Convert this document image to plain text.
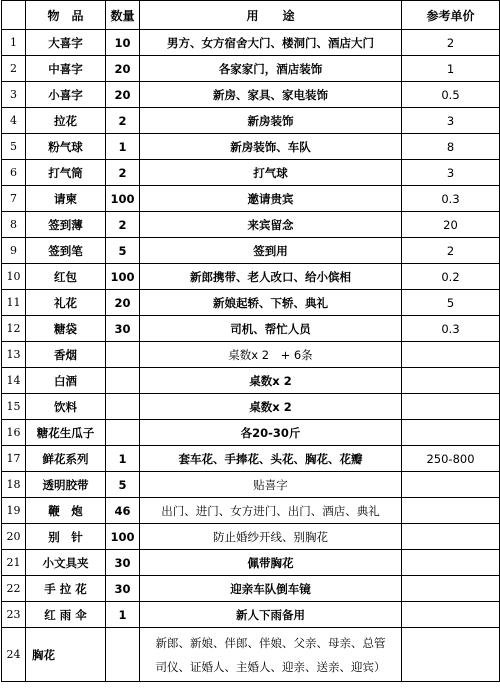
	物　品	数量	用　　途	参考单价
1	大喜字	10	男方、女方宿舍大门、楼洞门、酒店大门	2
2	中喜字	20	各家家门，酒店装饰	1
3	小喜字	20	新房、家具、家电装饰	0.5
4	拉花	2	新房装饰	3
5	粉气球	1	新房装饰、车队	8
6	打气筒	2	打气球	3
7	请柬	100	邀请贵宾	0.3
8	签到薄	2	来宾留念	20
9	签到笔	5	签到用	2
10	红包	100	新郎携带、老人改口、给小傧相	0.2
11	礼花	20	新娘起轿、下轿、典礼	5
12	糖袋	30	司机、帮忙人员	0.3
13	香烟		桌数x 2　+ 6条	
14	白酒		桌数x 2	
15	饮料		桌数x 2	
16	糖花生瓜子		各20-30斤	
17	鲜花系列	1	套车花、手捧花、头花、胸花、花瓣	250-800
18	透明胶带	5	贴喜字	
19	鞭　炮	46	出门、进门、女方进门、出门、酒店、典礼	
20	别　针	100	防止婚纱开线、别胸花	
21	小文具夹	30	佩带胸花	
22	手 拉 花	30	迎亲车队倒车镜	
23	红 雨 伞	1	新人下雨备用	
24	胸花		新郎、新娘、伴郎、伴娘、父亲、母亲、总管
司仪、证婚人、主婚人、迎亲、送亲、迎宾）	
